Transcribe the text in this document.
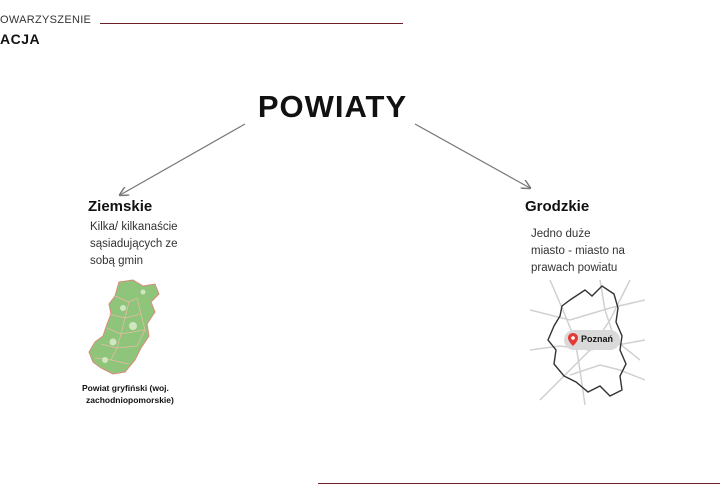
OWARZYSZENIE
ACJA
POWIATY
Ziemskie
Kilka/ kilkanaście
sąsiadujących ze
sobą gmin
Powiat gryfiński (woj.
zachodniopomorskie)
Grodzkie
Jedno duże
miasto - miasto na
prawach powiatu
Poznań
